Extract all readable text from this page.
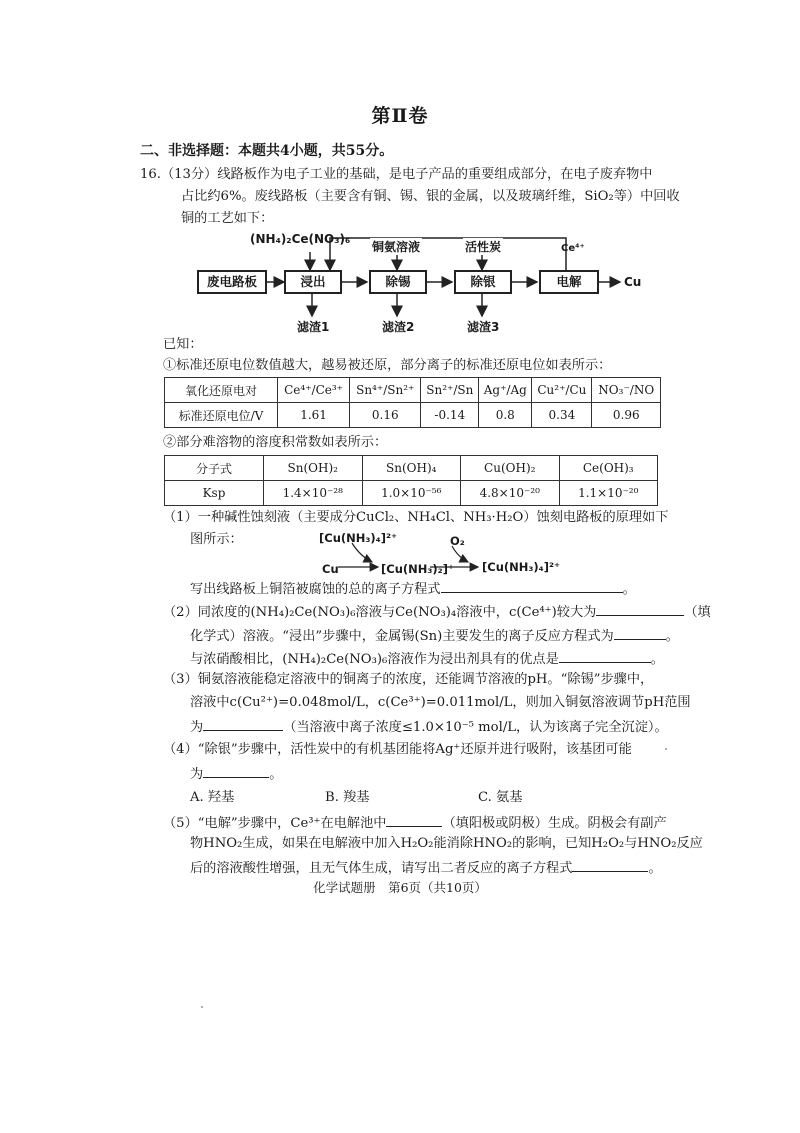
第Ⅱ卷
二、非选择题：本题共4小题，共55分。
16.（13分）线路板作为电子工业的基础，是电子产品的重要组成部分，在电子废弃物中
占比约6%。废线路板（主要含有铜、锡、银的金属，以及玻璃纤维，SiO₂等）中回收
铜的工艺如下：
(NH₄)₂Ce(NO₃)₆
铜氨溶液	活性炭	Ce⁴⁺
废电路板	浸出	除锡	除银	电解	Cu
滤渣1	滤渣2	滤渣3
已知：
①标准还原电位数值越大，越易被还原，部分离子的标准还原电位如表所示：
氧化还原电对	Ce⁴⁺/Ce³⁺	Sn⁴⁺/Sn²⁺	Sn²⁺/Sn	Ag⁺/Ag	Cu²⁺/Cu	NO₃⁻/NO
标准还原电位/V	1.61	0.16	-0.14	0.8	0.34	0.96
②部分难溶物的溶度积常数如表所示：
分子式	Sn(OH)₂	Sn(OH)₄	Cu(OH)₂	Ce(OH)₃
Ksp	1.4×10⁻²⁸	1.0×10⁻⁵⁶	4.8×10⁻²⁰	1.1×10⁻²⁰
（1）一种碱性蚀刻液（主要成分CuCl₂、NH₄Cl、NH₃·H₂O）蚀刻电路板的原理如下
图所示：
Cu
[Cu(NH₃)₄]²⁺
[Cu(NH₃)₂]⁺
O₂
[Cu(NH₃)₄]²⁺
写出线路板上铜箔被腐蚀的总的离子方程式	。
（2）同浓度的(NH₄)₂Ce(NO₃)₆溶液与Ce(NO₃)₄溶液中，c(Ce⁴⁺)较大为	（填
化学式）溶液。“浸出”步骤中，金属锡(Sn)主要发生的离子反应方程式为	。
与浓硝酸相比，(NH₄)₂Ce(NO₃)₆溶液作为浸出剂具有的优点是	。
（3）铜氨溶液能稳定溶液中的铜离子的浓度，还能调节溶液的pH。“除锡”步骤中，
溶液中c(Cu²⁺)=0.048mol/L，c(Ce³⁺)=0.011mol/L，则加入铜氨溶液调节pH范围
为	（当溶液中离子浓度≤1.0×10⁻⁵ mol/L，认为该离子完全沉淀）。
（4）“除银”步骤中，活性炭中的有机基团能将Ag⁺还原并进行吸附，该基团可能
为	。
A. 羟基	B. 羧基	C. 氨基
（5）“电解”步骤中，Ce³⁺在电解池中	（填阳极或阴极）生成。阴极会有副产
物HNO₂生成，如果在电解液中加入H₂O₂能消除HNO₂的影响，已知H₂O₂与HNO₂反应
后的溶液酸性增强，且无气体生成，请写出二者反应的离子方程式	。
化学试题册　第6页（共10页）
